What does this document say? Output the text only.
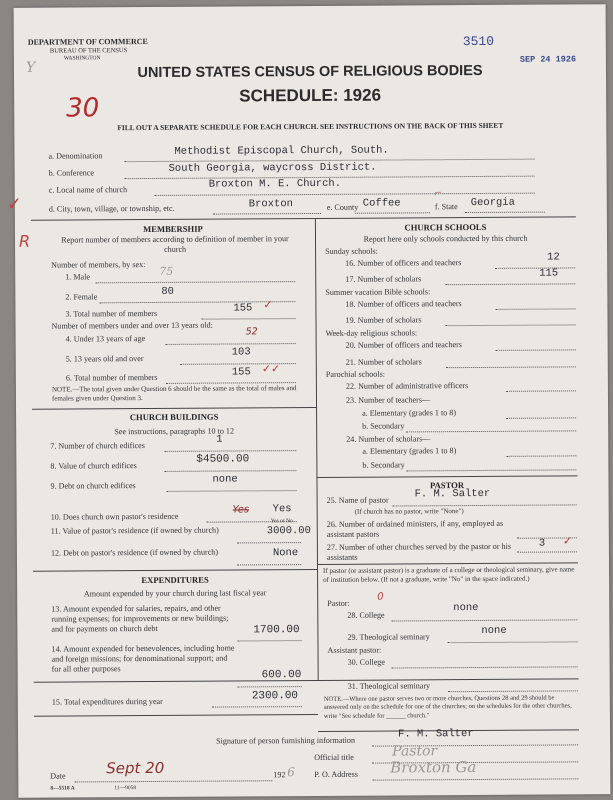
DEPARTMENT OF COMMERCE
BUREAU OF THE CENSUS
WASHINGTON
3510
SEP 24 1926
Y	UNITED STATES CENSUS OF RELIGIOUS BODIES
SCHEDULE: 1926
30
FILL OUT A SEPARATE SCHEDULE FOR EACH CHURCH. SEE INSTRUCTIONS ON THE BACK OF THIS SHEET
a. Denomination	Methodist Episcopal Church, South.
b. Conference	South Georgia, waycross District.
c. Local name of church	Broxton M. E. Church.
d. City, town, village, or township, etc.	Broxton	e. County Coffee	f. State Georgia
R
✓
⌐
MEMBERSHIP
Report number of members according to definition of member in your church
Number of members, by sex:
1. Male	75
2. Female	80
3. Total number of members	155 ✓
Number of members under and over 13 years old:
4. Under 13 years of age
52
5. 13 years old and over
103
6. Total number of members	155 ✓✓
NOTE.—The total given under Question 6 should be the same as the total of males and females given under Question 3.
CHURCH BUILDINGS
See instructions, paragraphs 10 to 12
7. Number of church edifices
1
8. Value of church edifices
$4500.00
9. Debt on church edifices
none
10. Does church own pastor's residence
Yes Yes
Yes or No
11. Value of pastor's residence (if owned by church)	3000.00
12. Debt on pastor's residence (if owned by church)	None
EXPENDITURES
Amount expended by your church during last fiscal year
13. Amount expended for salaries, repairs, and other running expenses; for improvements or new buildings; and for payments on church debt	1700.00
14. Amount expended for benevolences, including home and foreign missions; for denominational support; and for all other purposes
600.00
15. Total expenditures during year	2300.00
CHURCH SCHOOLS
Report here only schools conducted by this church
Sunday schools:
16. Number of officers and teachers	12
17. Number of scholars	115
Summer vacation Bible schools:
18. Number of officers and teachers
19. Number of scholars
Week-day religious schools:
20. Number of officers and teachers
21. Number of scholars
Parochial schools:
22. Number of administrative officers
23. Number of teachers—
a. Elementary (grades 1 to 8)
b. Secondary
24. Number of scholars—
a. Elementary (grades 1 to 8)
b. Secondary
PASTOR
25. Name of pastor F. M. Salter
(If church has no pastor, write "None")
26. Number of ordained ministers, if any, employed as assistant pastors
27. Number of other churches served by the pastor or his assistants
3 ✓
If pastor (or assistant pastor) is a graduate of a college or theological seminary, give name of institution below. (If not a graduate, write "No" in the space indicated.)
Pastor:
0
28. College
none
29. Theological seminary
none
Assistant pastor:
30. College
31. Theological seminary
NOTE.—Where one pastor serves two or more churches, Questions 28 and 29 should be answered only on the schedule for one of the churches; on the schedules for the other churches, write "See schedule for ______ church."
Signature of person furnishing information
F. M. Salter
Official title	Pastor
Date	Sept 20	192 6 P. O. Address Broxton Ga
8—5518 A	11—9058
